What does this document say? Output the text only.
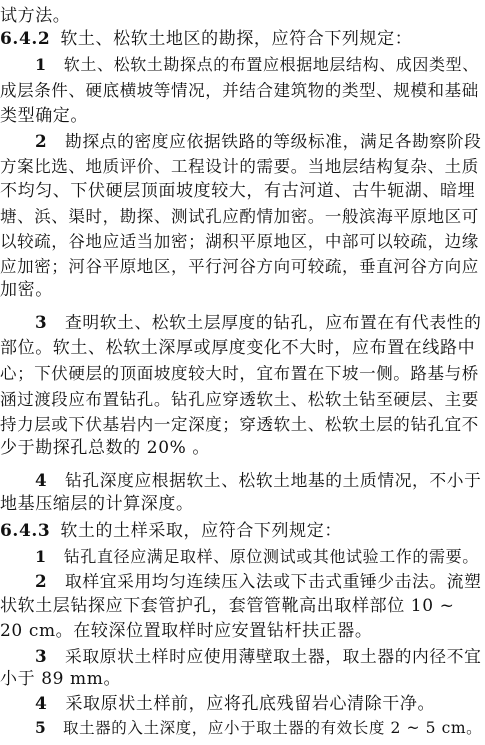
试方法。
6.4.2 软土、松软土地区的勘探，应符合下列规定：
1 软土、松软土勘探点的布置应根据地层结构、成因类型、
成层条件、硬底横坡等情况，并结合建筑物的类型、规模和基础
类型确定。
2 勘探点的密度应依据铁路的等级标准，满足各勘察阶段
方案比选、地质评价、工程设计的需要。当地层结构复杂、土质
不均匀、下伏硬层顶面坡度较大，有古河道、古牛轭湖、暗埋
塘、浜、渠时，勘探、测试孔应酌情加密。一般滨海平原地区可
以较疏，谷地应适当加密；湖积平原地区，中部可以较疏，边缘
应加密；河谷平原地区，平行河谷方向可较疏，垂直河谷方向应
加密。
3 查明软土、松软土层厚度的钻孔，应布置在有代表性的
部位。软土、松软土深厚或厚度变化不大时，应布置在线路中
心；下伏硬层的顶面坡度较大时，宜布置在下坡一侧。路基与桥
涵过渡段应布置钻孔。钻孔应穿透软土、松软土钻至硬层、主要
持力层或下伏基岩内一定深度；穿透软土、松软土层的钻孔宜不
少于勘探孔总数的 20% 。
4 钻孔深度应根据软土、松软土地基的土质情况，不小于
地基压缩层的计算深度。
6.4.3 软土的土样采取，应符合下列规定：
1 钻孔直径应满足取样、原位测试或其他试验工作的需要。
2 取样宜采用均匀连续压入法或下击式重锤少击法。流塑
状软土层钻探应下套管护孔，套管管靴高出取样部位 10 ~
20 cm。在较深位置取样时应安置钻杆扶正器。
3 采取原状土样时应使用薄壁取土器，取土器的内径不宜
小于 89 mm。
4 采取原状土样前，应将孔底残留岩心清除干净。
5 取土器的入土深度，应小于取土器的有效长度 2 ~ 5 cm。
